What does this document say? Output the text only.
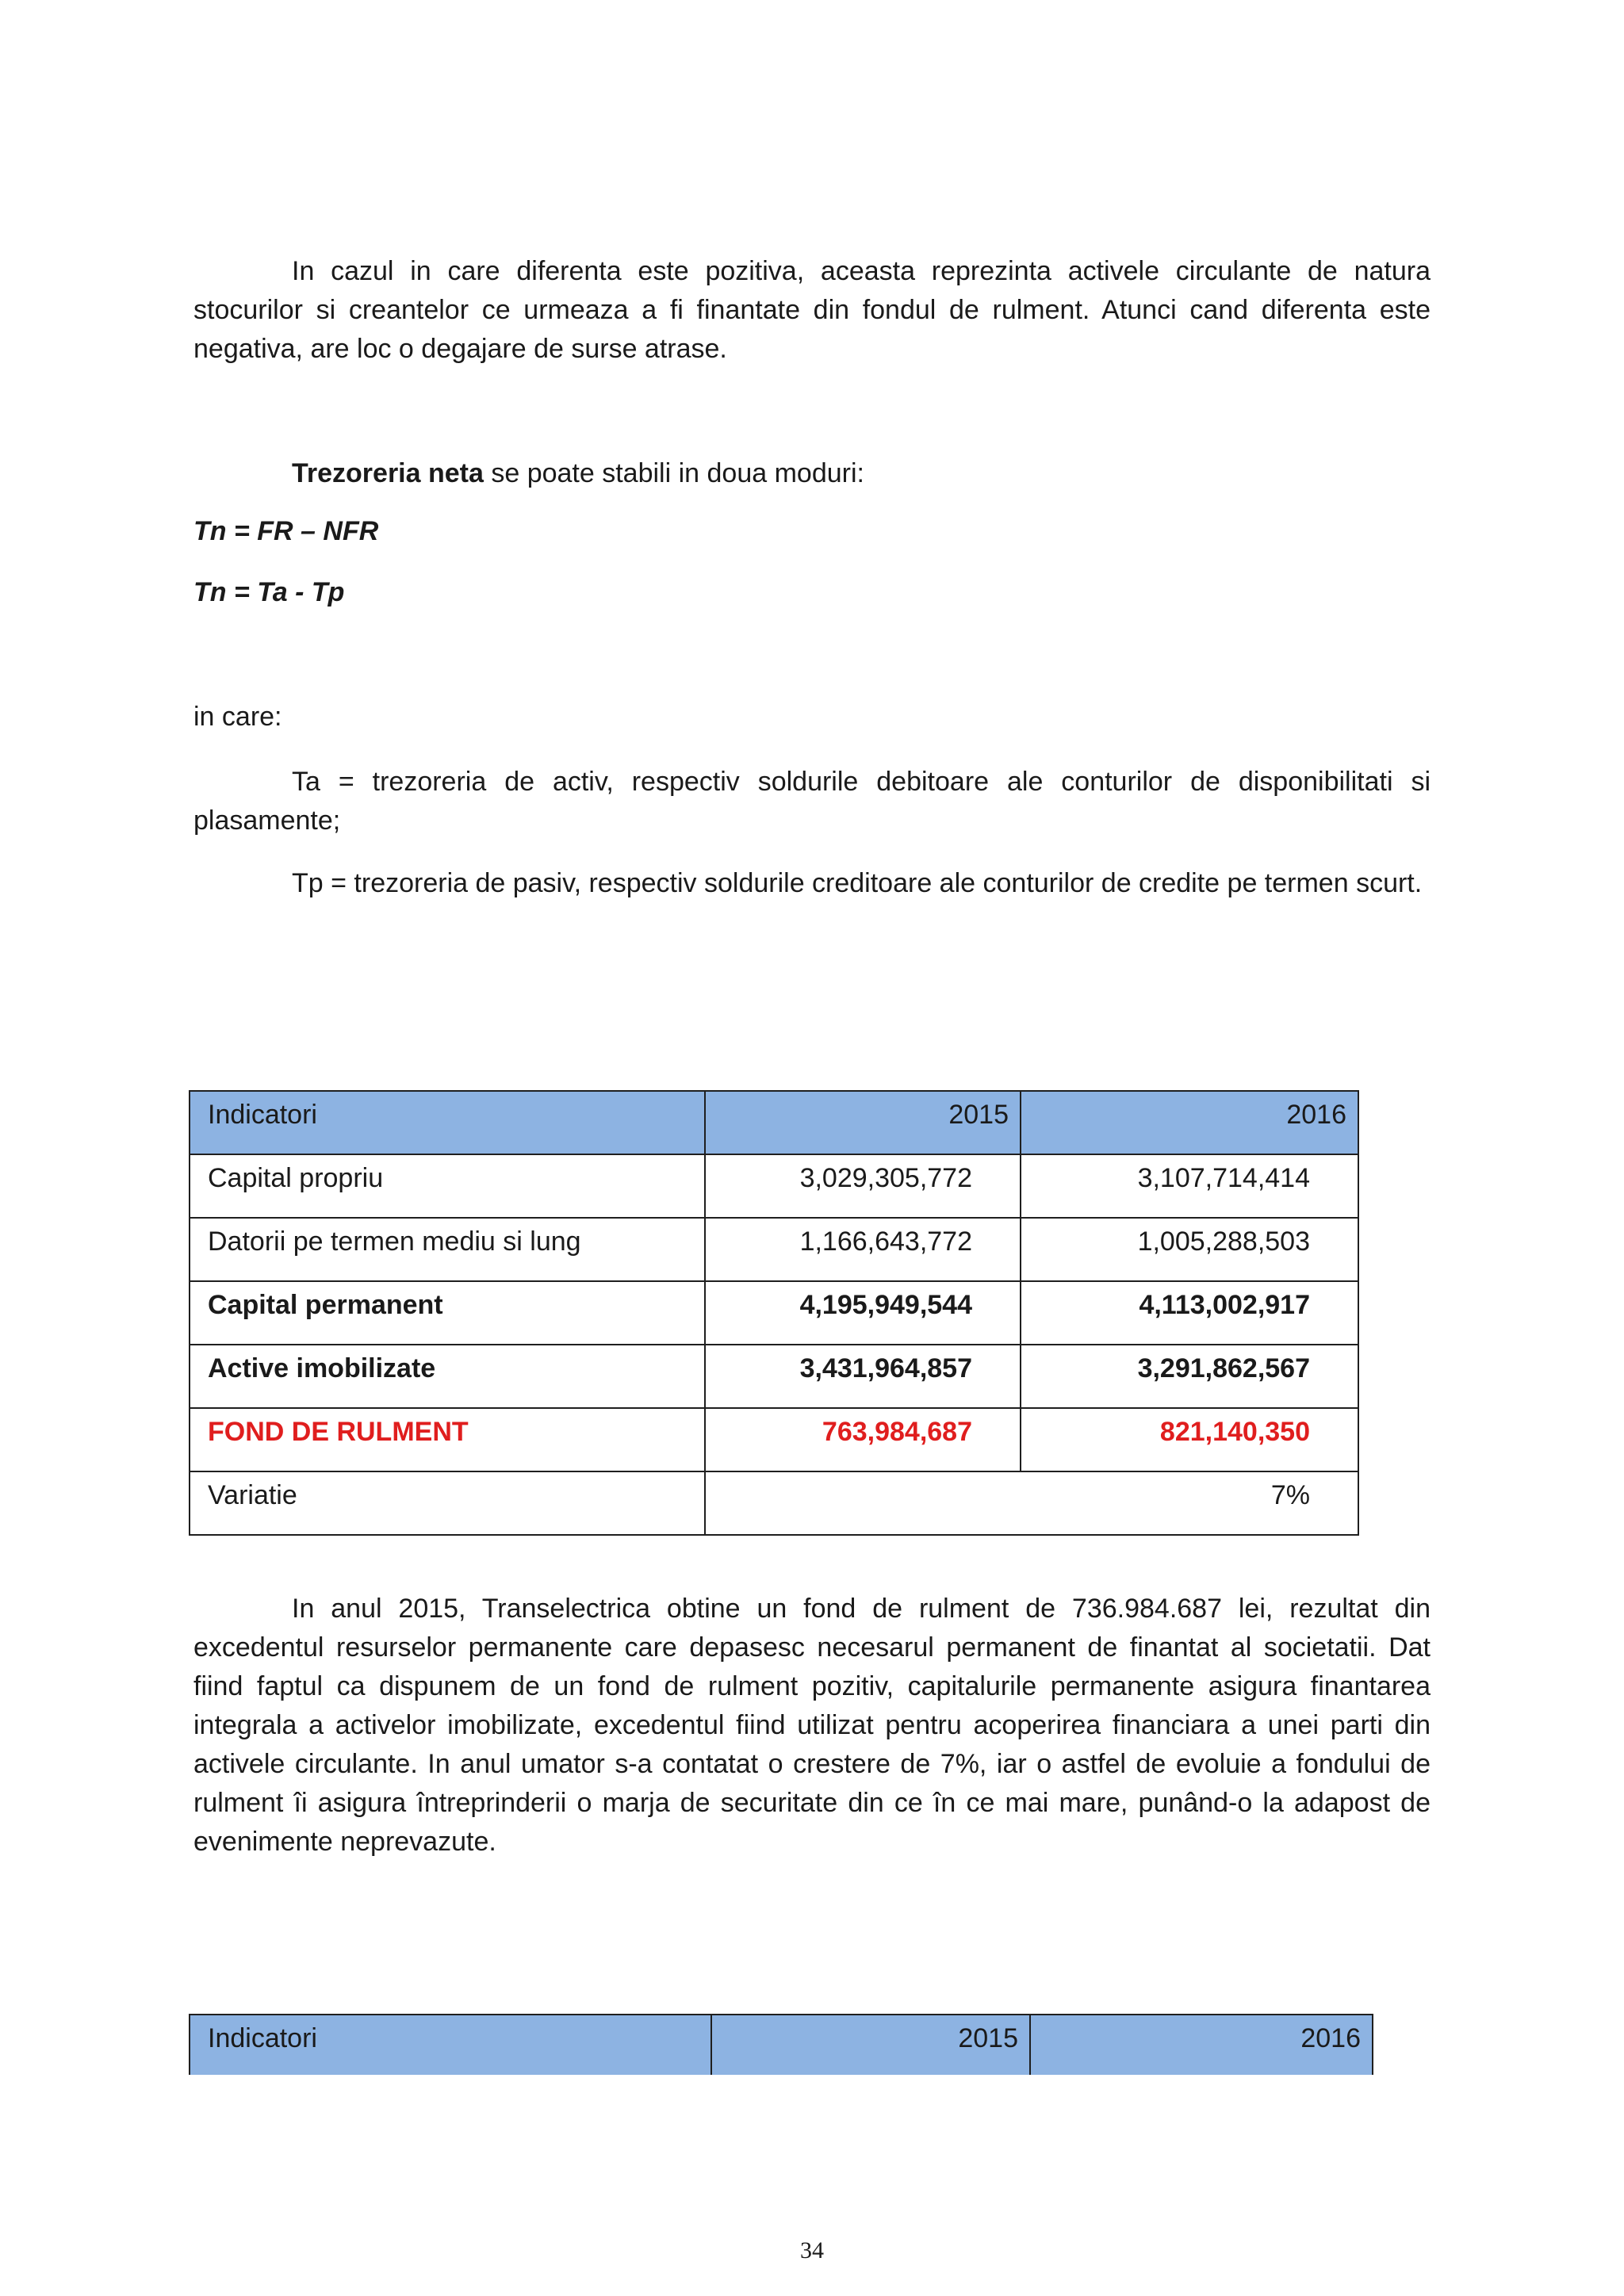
In cazul in care diferenta este pozitiva, aceasta reprezinta activele circulante de natura stocurilor si creantelor ce urmeaza a fi finantate din fondul de rulment. Atunci cand diferenta este negativa, are loc o degajare de surse atrase.

Trezoreria neta se poate stabili in doua moduri:

Tn = FR – NFR

Tn = Ta - Tp

in care:

Ta = trezoreria de activ, respectiv soldurile debitoare ale conturilor de disponibilitati si plasamente;

Tp = trezoreria de pasiv, respectiv soldurile creditoare ale conturilor de credite pe termen scurt.

Indicatori	2015	2016
Capital propriu	3,029,305,772	3,107,714,414
Datorii pe termen mediu si lung	1,166,643,772	1,005,288,503
Capital permanent	4,195,949,544	4,113,002,917
Active imobilizate	3,431,964,857	3,291,862,567
FOND DE RULMENT	763,984,687	821,140,350
Variatie	7%	

In anul 2015, Transelectrica obtine un fond de rulment de 736.984.687 lei, rezultat din excedentul resurselor permanente care depasesc necesarul permanent de finantat al societatii. Dat fiind faptul ca dispunem de un fond de rulment pozitiv, capitalurile permanente asigura finantarea integrala a activelor imobilizate, excedentul fiind utilizat pentru acoperirea financiara a unei parti din activele circulante. In anul umator s-a contatat o crestere de 7%, iar o astfel de evoluie a fondului de rulment îi asigura întreprinderii o marja de securitate din ce în ce mai mare, punând-o la adapost de evenimente neprevazute.

Indicatori	2015	2016
34
